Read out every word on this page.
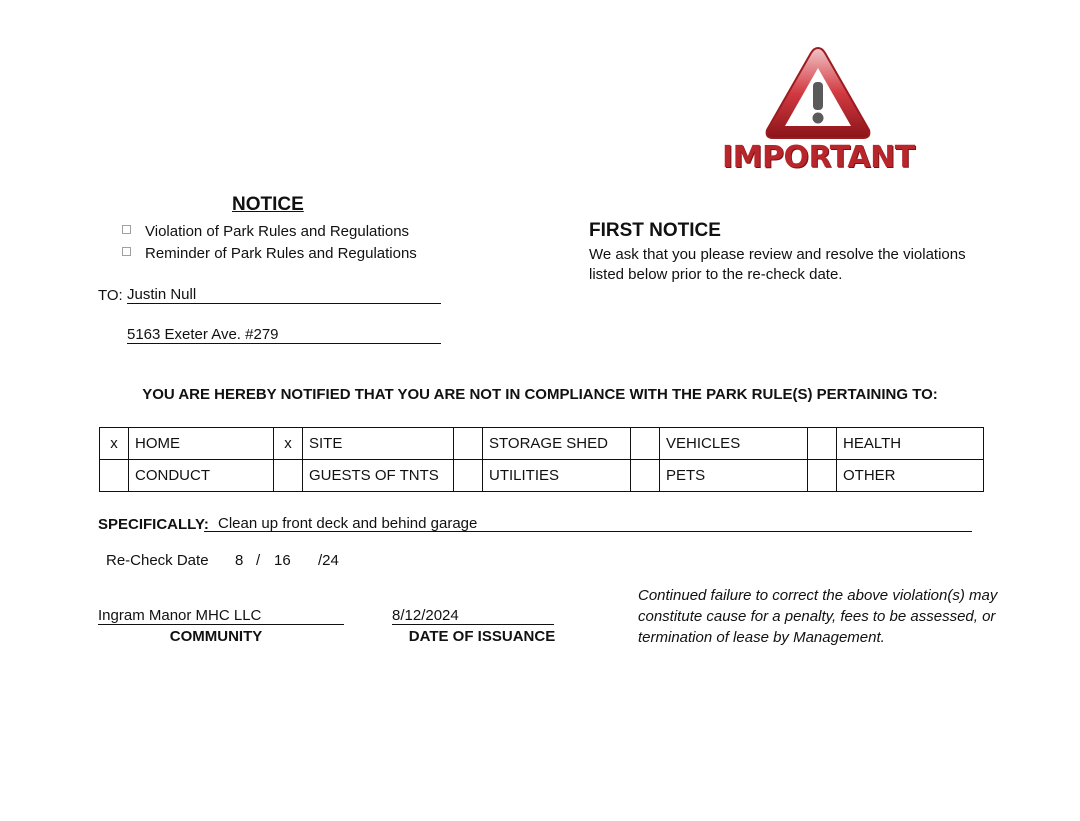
IMPORTANT
NOTICE
Violation of Park Rules and Regulations
Reminder of Park Rules and Regulations
FIRST NOTICE
We ask that you please review and resolve the violations listed below prior to the re-check date.
TO: Justin Null
5163 Exeter Ave. #279
YOU ARE HEREBY NOTIFIED THAT YOU ARE NOT IN COMPLIANCE WITH THE PARK RULE(S) PERTAINING TO:
x	HOME	x	SITE		STORAGE SHED		VEHICLES		HEALTH
	CONDUCT		GUESTS OF TNTS		UTILITIES		PETS		OTHER
SPECIFICALLY: Clean up front deck and behind garage
Re-Check Date 8 / 16 /24
Ingram Manor MHC LLC
COMMUNITY
8/12/2024
DATE OF ISSUANCE
Continued failure to correct the above violation(s) may constitute cause for a penalty, fees to be assessed, or termination of lease by Management.
